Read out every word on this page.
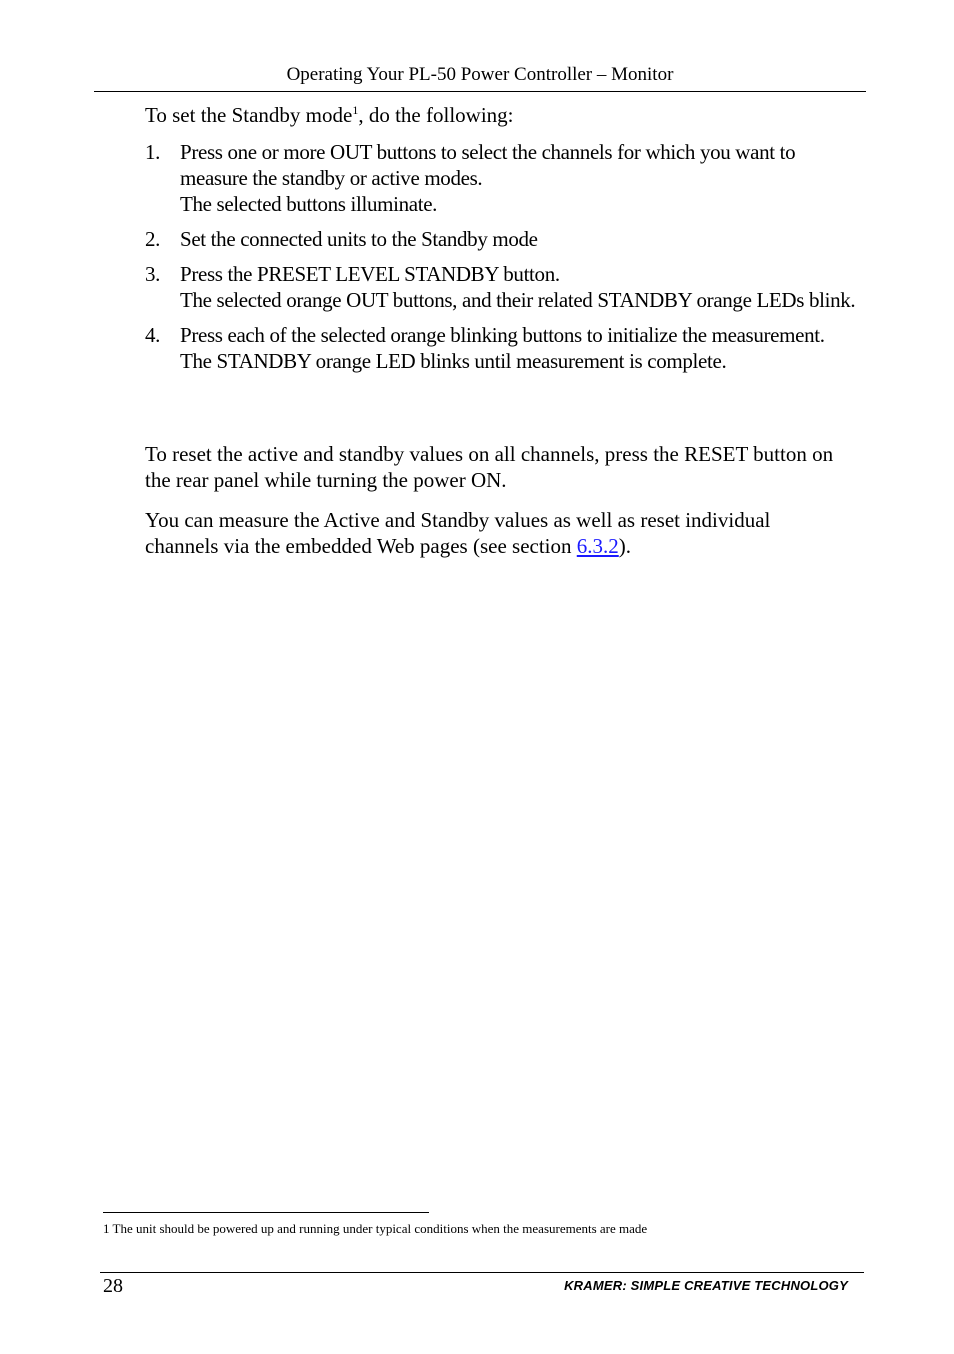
Operating Your PL-50 Power Controller – Monitor
To set the Standby mode$^1$, do the following:
1. Press one or more OUT buttons to select the channels for which you want to measure the standby or active modes.
The selected buttons illuminate.
2. Set the connected units to the Standby mode
3. Press the PRESET LEVEL STANDBY button.
The selected orange OUT buttons, and their related STANDBY orange LEDs blink.
4. Press each of the selected orange blinking buttons to initialize the measurement.
The STANDBY orange LED blinks until measurement is complete.
To reset the active and standby values on all channels, press the RESET button on the rear panel while turning the power ON.
You can measure the Active and Standby values as well as reset individual channels via the embedded Web pages (see section 6.3.2).
1 The unit should be powered up and running under typical conditions when the measurements are made
28	KRAMER: SIMPLE CREATIVE TECHNOLOGY
